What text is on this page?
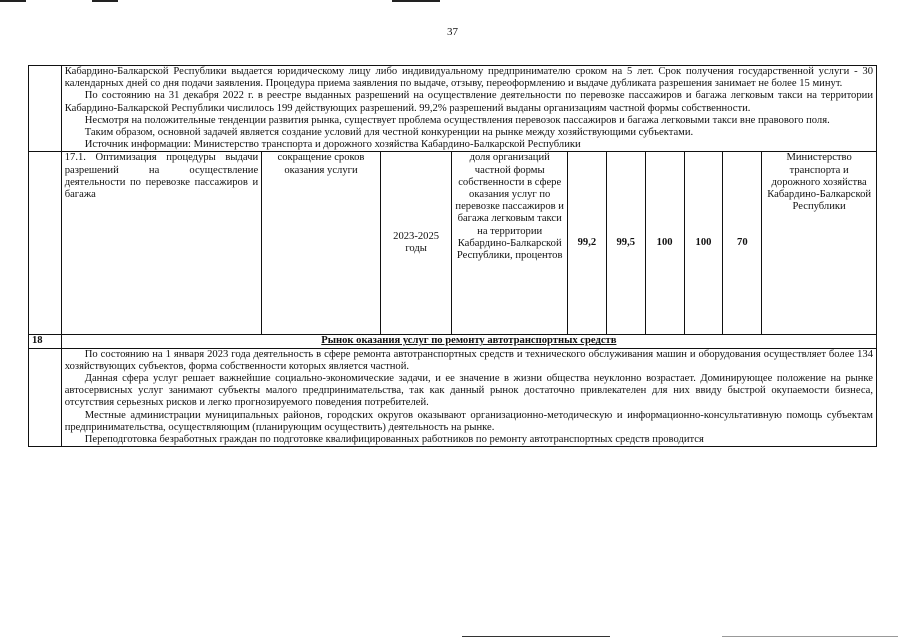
37

	Кабардино-Балкарской Республики выдается юридическому лицу либо индивидуальному предпринимателю сроком на 5 лет. Срок получения государственной услуги - 30 календарных дней со дня подачи заявления. Процедура приема заявления по выдаче, отзыву, переоформлению и выдаче дубликата разрешения занимает не более 15 минут.

По состоянию на 31 декабря 2022 г. в реестре выданных разрешений на осуществление деятельности по перевозке пассажиров и багажа легковым такси на территории Кабардино-Балкарской Республики числилось 199 действующих разрешений. 99,2% разрешений выданы организациям частной формы собственности.

Несмотря на положительные тенденции развития рынка, существует проблема осуществления перевозок пассажиров и багажа легковыми такси вне правового поля.

Таким образом, основной задачей является создание условий для честной конкуренции на рынке между хозяйствующими субъектами.

Источник информации: Министерство транспорта и дорожного хозяйства Кабардино-Балкарской Республики									

	17.1. Оптимизация процедуры выдачи разрешений на осуществление деятельности по перевозке пассажиров и багажа	сокращение сроков оказания услуги	2023-2025 годы	доля организаций частной формы собственности в сфере оказания услуг по перевозке пассажиров и багажа легковым такси на территории Кабардино-Балкарской Республики, процентов	99,2	99,5	100	100	70	Министерство транспорта и дорожного хозяйства Кабардино-Балкарской Республики
18	Рынок оказания услуг по ремонту автотранспортных средств									

	По состоянию на 1 января 2023 года деятельность в сфере ремонта автотранспортных средств и технического обслуживания машин и оборудования осуществляет более 134 хозяйствующих субъектов, форма собственности которых является частной.

Данная сфера услуг решает важнейшие социально-экономические задачи, и ее значение в жизни общества неуклонно возрастает. Доминирующее положение на рынке автосервисных услуг занимают субъекты малого предпринимательства, так как данный рынок достаточно привлекателен для них ввиду быстрой окупаемости бизнеса, отсутствия серьезных рисков и легко прогнозируемого поведения потребителей.

Местные администрации муниципальных районов, городских округов оказывают организационно-методическую и информационно-консультативную помощь субъектам предпринимательства, осуществляющим (планирующим осуществить) деятельность на рынке.

Переподготовка безработных граждан по подготовке квалифицированных работников по ремонту автотранспортных средств проводится									
